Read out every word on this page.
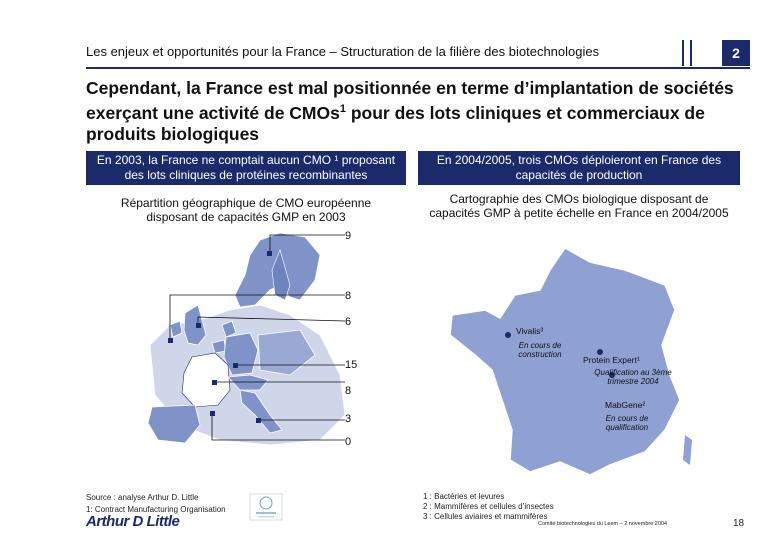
Les enjeux et opportunités pour la France – Structuration de la filière des biotechnologies	2
Cependant, la France est mal positionnée en terme d’implantation de sociétés
exerçant une activité de CMOs$^1$ pour des lots cliniques et commerciaux de
produits biologiques
En 2003, la France ne comptait aucun CMO ¹ proposant
des lots cliniques de protéines recombinantes
En 2004/2005, trois CMOs déploieront en France des
capacités de production
Répartition géographique de CMO européenne
disposant de capacités GMP en 2003
Cartographie des CMOs biologique disposant de
capacités GMP à petite échelle en France en 2004/2005
9
8
6
15
8
3
0
Vivalis³
En cours de
construction
Protein Expert¹
Qualification au 3ème
trimestre 2004
MabGene²
En cours de
qualification
Source : analyse Arthur D. Little
1: Contract Manufacturing Organisation
Arthur D Little
1 : Bactéries et levures
2 : Mammifères et cellules d’insectes
3 : Cellules aviaires et mammifères
Comité biotechnologies du Leem – 2 novembre 2004	18
